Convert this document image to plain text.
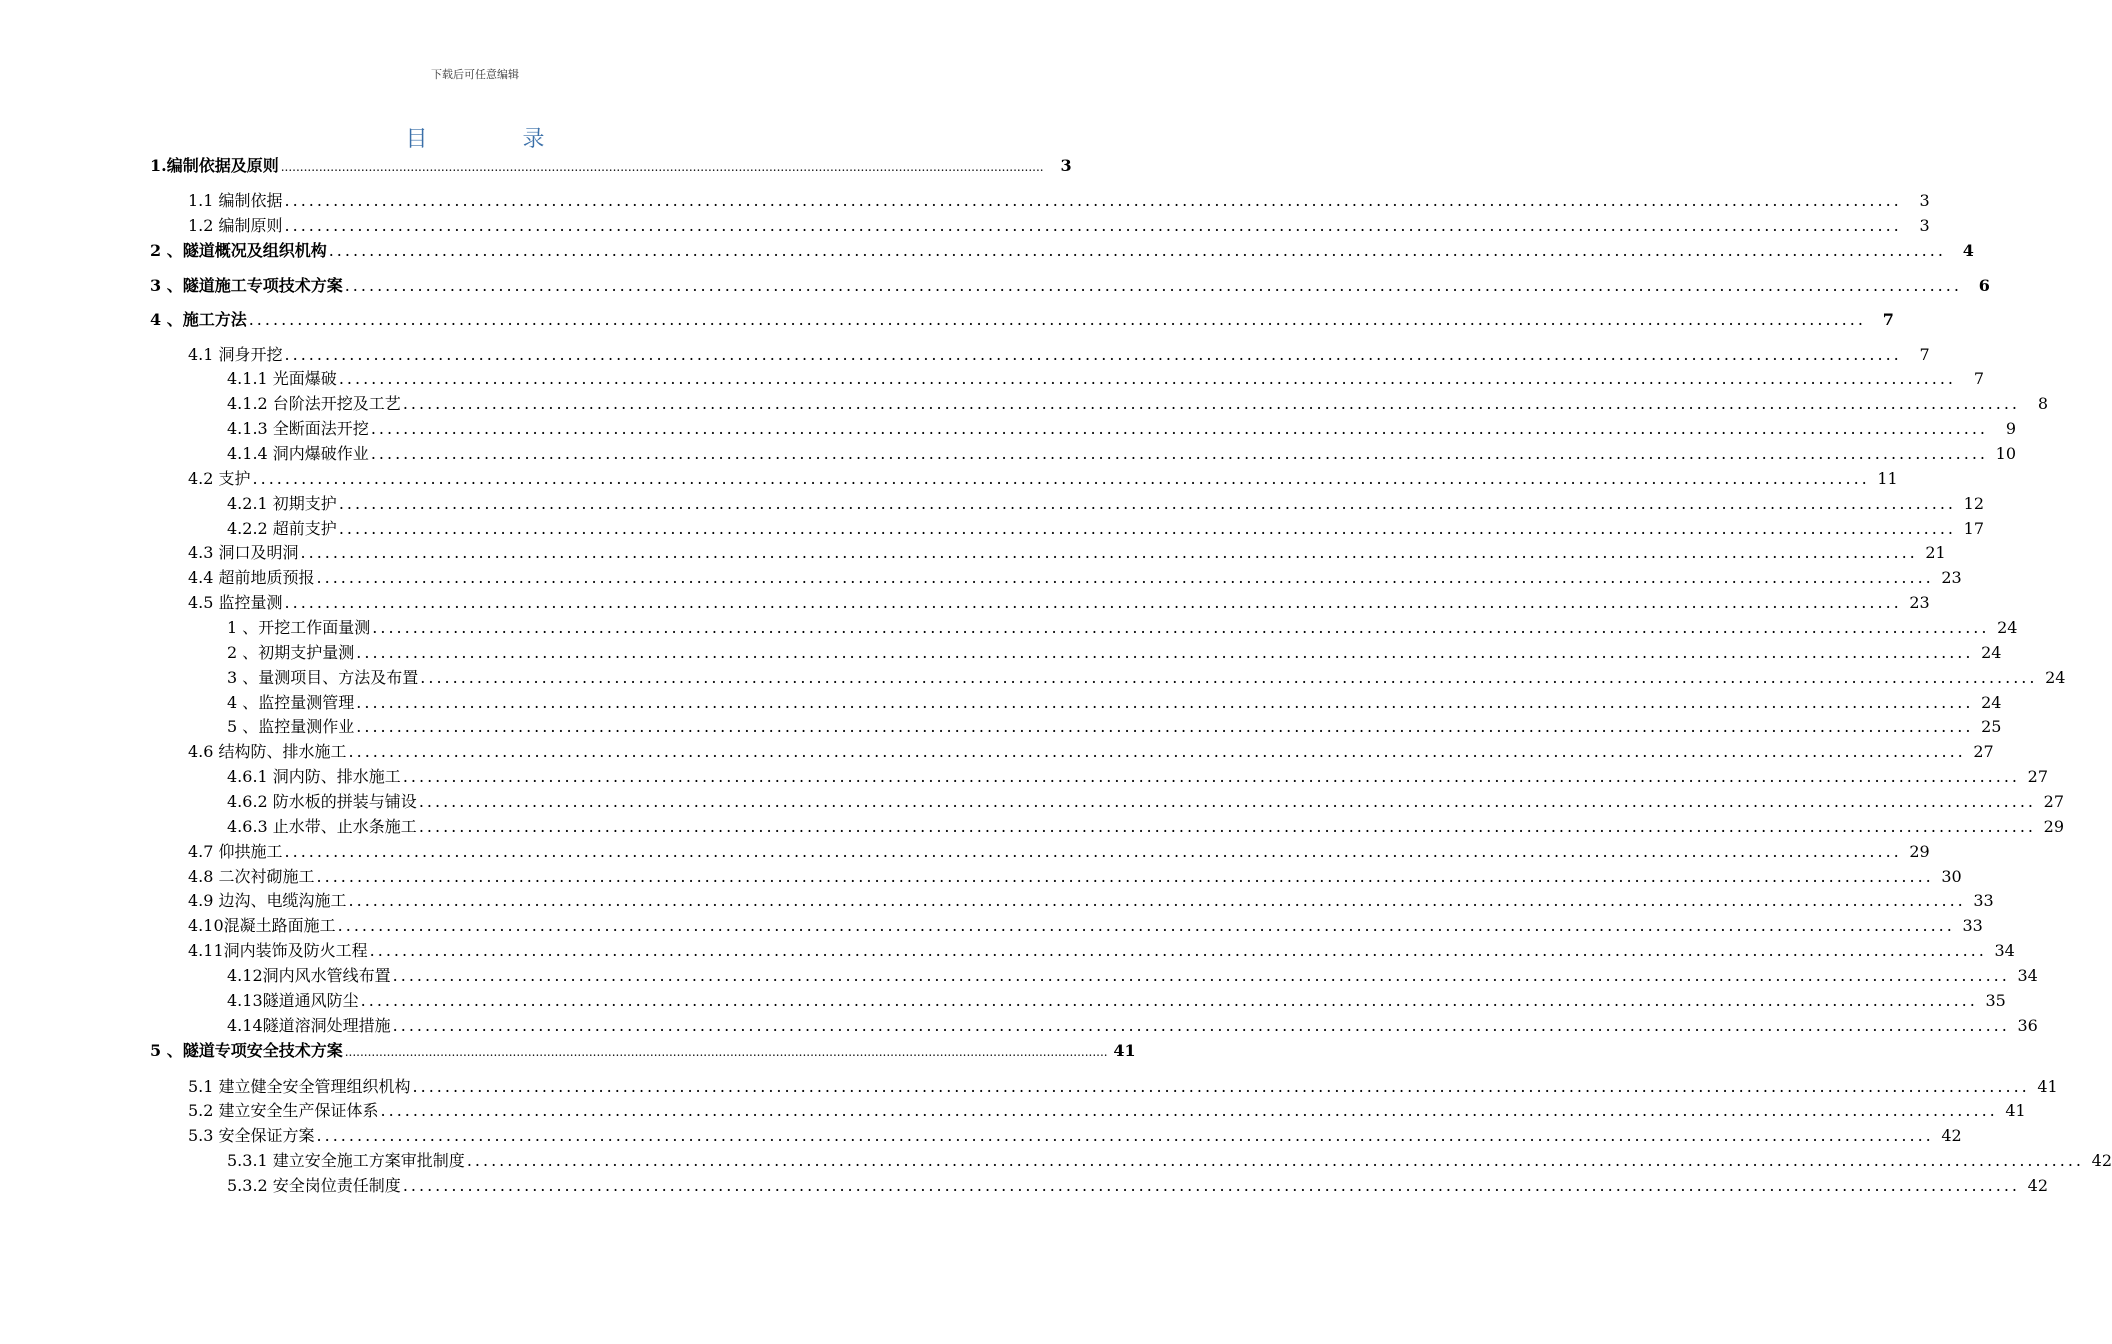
下载后可任意编辑
目 录
1.编制依据及原则 ........................................................................................................................................................................................................	3
1.1 编制依据 ........................................................................................................................................................................................................	3
1.2 编制原则 ........................................................................................................................................................................................................	3
2 、隧道概况及组织机构 ........................................................................................................................................................................................................	4
3 、隧道施工专项技术方案 ........................................................................................................................................................................................................	6
4 、施工方法 ........................................................................................................................................................................................................	7
4.1 洞身开挖 ........................................................................................................................................................................................................	7
4.1.1 光面爆破 ........................................................................................................................................................................................................	7
4.1.2 台阶法开挖及工艺 ........................................................................................................................................................................................................	8
4.1.3 全断面法开挖 ........................................................................................................................................................................................................	9
4.1.4 洞内爆破作业 ........................................................................................................................................................................................................ 10
4.2 支护 ........................................................................................................................................................................................................ 11
4.2.1 初期支护 ........................................................................................................................................................................................................ 12
4.2.2 超前支护 ........................................................................................................................................................................................................ 17
4.3 洞口及明洞 ........................................................................................................................................................................................................ 21
4.4 超前地质预报 ........................................................................................................................................................................................................ 23
4.5 监控量测 ........................................................................................................................................................................................................ 23
1 、开挖工作面量测 ........................................................................................................................................................................................................ 24
2 、初期支护量测 ........................................................................................................................................................................................................ 24
3 、量测项目、方法及布置 ........................................................................................................................................................................................................ 24
4 、监控量测管理 ........................................................................................................................................................................................................ 24
5 、监控量测作业 ........................................................................................................................................................................................................ 25
4.6 结构防、排水施工 ........................................................................................................................................................................................................ 27
4.6.1 洞内防、排水施工 ........................................................................................................................................................................................................ 27
4.6.2 防水板的拼装与铺设 ........................................................................................................................................................................................................ 27
4.6.3 止水带、止水条施工 ........................................................................................................................................................................................................ 29
4.7 仰拱施工 ........................................................................................................................................................................................................ 29
4.8 二次衬砌施工 ........................................................................................................................................................................................................ 30
4.9 边沟、电缆沟施工 ........................................................................................................................................................................................................ 33
4.10混凝土路面施工 ........................................................................................................................................................................................................ 33
4.11洞内装饰及防火工程 ........................................................................................................................................................................................................ 34
4.12洞内风水管线布置 ........................................................................................................................................................................................................ 34
4.13隧道通风防尘 ........................................................................................................................................................................................................ 35
4.14隧道溶洞处理措施 ........................................................................................................................................................................................................ 36
5 、隧道专项安全技术方案 ........................................................................................................................................................................................................ 41
5.1 建立健全安全管理组织机构 ........................................................................................................................................................................................................ 41
5.2 建立安全生产保证体系 ........................................................................................................................................................................................................ 41
5.3 安全保证方案 ........................................................................................................................................................................................................ 42
5.3.1 建立安全施工方案审批制度 ........................................................................................................................................................................................................ 42
5.3.2 安全岗位责任制度 ........................................................................................................................................................................................................ 42
